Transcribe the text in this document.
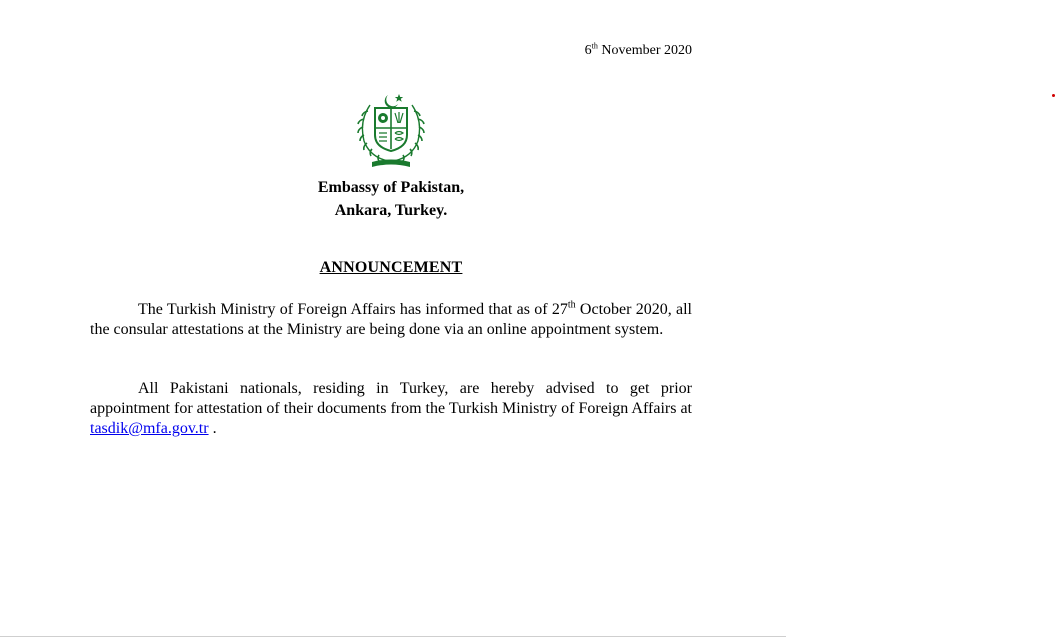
6th November 2020
Embassy of Pakistan,
Ankara, Turkey.
ANNOUNCEMENT
The Turkish Ministry of Foreign Affairs has informed that as of 27th October 2020, all the consular attestations at the Ministry are being done via an online appointment system.
All Pakistani nationals, residing in Turkey, are hereby advised to get prior appointment for attestation of their documents from the Turkish Ministry of Foreign Affairs at tasdik@mfa.gov.tr .
